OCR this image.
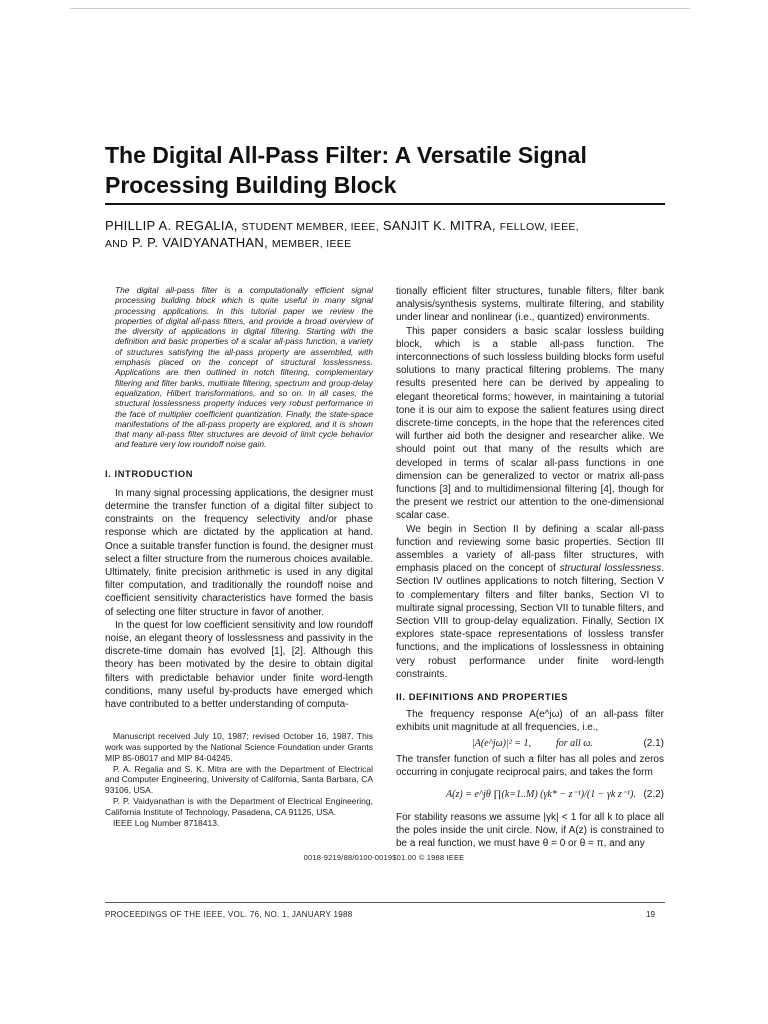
The Digital All-Pass Filter: A Versatile Signal Processing Building Block

PHILLIP A. REGALIA, STUDENT MEMBER, IEEE, SANJIT K. MITRA, FELLOW, IEEE,
AND P. P. VAIDYANATHAN, MEMBER, IEEE

The digital all-pass filter is a computationally efficient signal processing building block which is quite useful in many signal processing applications. In this tutorial paper we review the properties of digital all-pass filters, and provide a broad overview of the diversity of applications in digital filtering. Starting with the definition and basic properties of a scalar all-pass function, a variety of structures satisfying the all-pass property are assembled, with emphasis placed on the concept of structural losslessness. Applications are then outlined in notch filtering, complementary filtering and filter banks, multirate filtering, spectrum and group-delay equalization, Hilbert transformations, and so on. In all cases, the structural losslessness property induces very robust performance in the face of multiplier coefficient quantization. Finally, the state-space manifestations of the all-pass property are explored, and it is shown that many all-pass filter structures are devoid of limit cycle behavior and feature very low roundoff noise gain.

I. INTRODUCTION

In many signal processing applications, the designer must determine the transfer function of a digital filter subject to constraints on the frequency selectivity and/or phase response which are dictated by the application at hand. Once a suitable transfer function is found, the designer must select a filter structure from the numerous choices available. Ultimately, finite precision arithmetic is used in any digital filter computation, and traditionally the roundoff noise and coefficient sensitivity characteristics have formed the basis of selecting one filter structure in favor of another.

In the quest for low coefficient sensitivity and low roundoff noise, an elegant theory of losslessness and passivity in the discrete-time domain has evolved [1], [2]. Although this theory has been motivated by the desire to obtain digital filters with predictable behavior under finite word-length conditions, many useful by-products have emerged which have contributed to a better understanding of computa-

Manuscript received July 10, 1987; revised October 16, 1987. This work was supported by the National Science Foundation under Grants MIP 85-08017 and MIP 84-04245.

P. A. Regalia and S. K. Mitra are with the Department of Electrical and Computer Engineering, University of California, Santa Barbara, CA 93106, USA.

P. P. Vaidyanathan is with the Department of Electrical Engineering, California Institute of Technology, Pasadena, CA 91125, USA.

IEEE Log Number 8718413.

tionally efficient filter structures, tunable filters, filter bank analysis/synthesis systems, multirate filtering, and stability under linear and nonlinear (i.e., quantized) environments.

This paper considers a basic scalar lossless building block, which is a stable all-pass function. The interconnections of such lossless building blocks form useful solutions to many practical filtering problems. The many results presented here can be derived by appealing to elegant theoretical forms; however, in maintaining a tutorial tone it is our aim to expose the salient features using direct discrete-time concepts, in the hope that the references cited will further aid both the designer and researcher alike. We should point out that many of the results which are developed in terms of scalar all-pass functions in one dimension can be generalized to vector or matrix all-pass functions [3] and to multidimensional filtering [4], though for the present we restrict our attention to the one-dimensional scalar case.

We begin in Section II by defining a scalar all-pass function and reviewing some basic properties. Section III assembles a variety of all-pass filter structures, with emphasis placed on the concept of structural losslessness. Section IV outlines applications to notch filtering, Section V to complementary filters and filter banks, Section VI to multirate signal processing, Section VII to tunable filters, and Section VIII to group-delay equalization. Finally, Section IX explores state-space representations of lossless transfer functions, and the implications of losslessness in obtaining very robust performance under finite word-length constraints.

II. DEFINITIONS AND PROPERTIES

The frequency response A(e^jω) of an all-pass filter exhibits unit magnitude at all frequencies, i.e.,

|A(e^jω)|² = 1, for all ω.	(2.1)

The transfer function of such a filter has all poles and zeros occurring in conjugate reciprocal pairs, and takes the form

A(z) = e^jθ ∏(k=1..M) (γk* − z⁻¹)/(1 − γk z⁻¹). (2.2)

For stability reasons we assume |γk| < 1 for all k to place all the poles inside the unit circle. Now, if A(z) is constrained to be a real function, we must have θ = 0 or θ = π, and any

0018-9219/88/0100-0019$01.00 © 1988 IEEE
PROCEEDINGS OF THE IEEE, VOL. 76, NO. 1, JANUARY 1988	19
